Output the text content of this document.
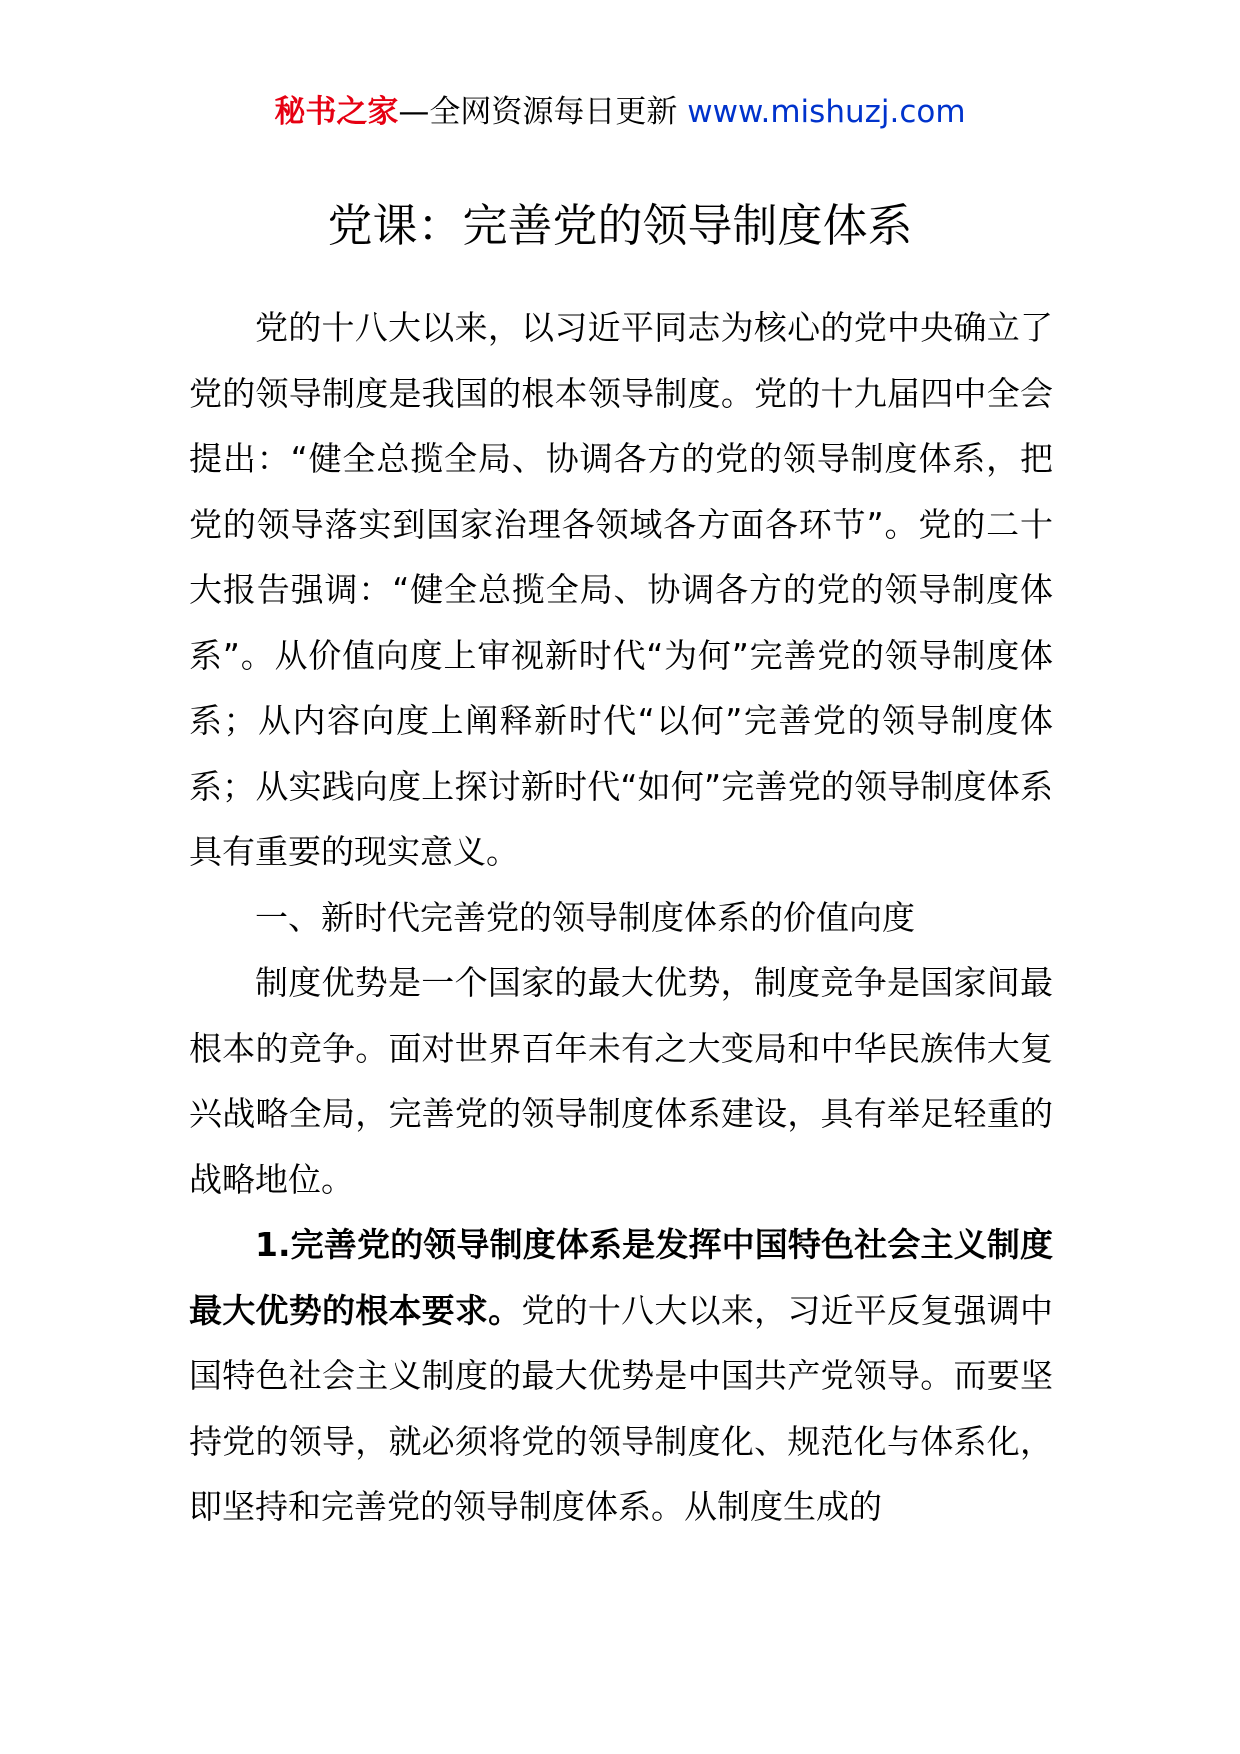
秘书之家—全网资源每日更新 www.mishuzj.com
党课：完善党的领导制度体系

党的十八大以来，以习近平同志为核心的党中央确立了党的领导制度是我国的根本领导制度。党的十九届四中全会提出：“健全总揽全局、协调各方的党的领导制度体系，把党的领导落实到国家治理各领域各方面各环节”。党的二十大报告强调：“健全总揽全局、协调各方的党的领导制度体系”。从价值向度上审视新时代“为何”完善党的领导制度体系；从内容向度上阐释新时代“以何”完善党的领导制度体系；从实践向度上探讨新时代“如何”完善党的领导制度体系具有重要的现实意义。

一、新时代完善党的领导制度体系的价值向度

制度优势是一个国家的最大优势，制度竞争是国家间最根本的竞争。面对世界百年未有之大变局和中华民族伟大复兴战略全局，完善党的领导制度体系建设，具有举足轻重的战略地位。

1.完善党的领导制度体系是发挥中国特色社会主义制度最大优势的根本要求。党的十八大以来，习近平反复强调中国特色社会主义制度的最大优势是中国共产党领导。而要坚持党的领导，就必须将党的领导制度化、规范化与体系化，即坚持和完善党的领导制度体系。从制度生成的
